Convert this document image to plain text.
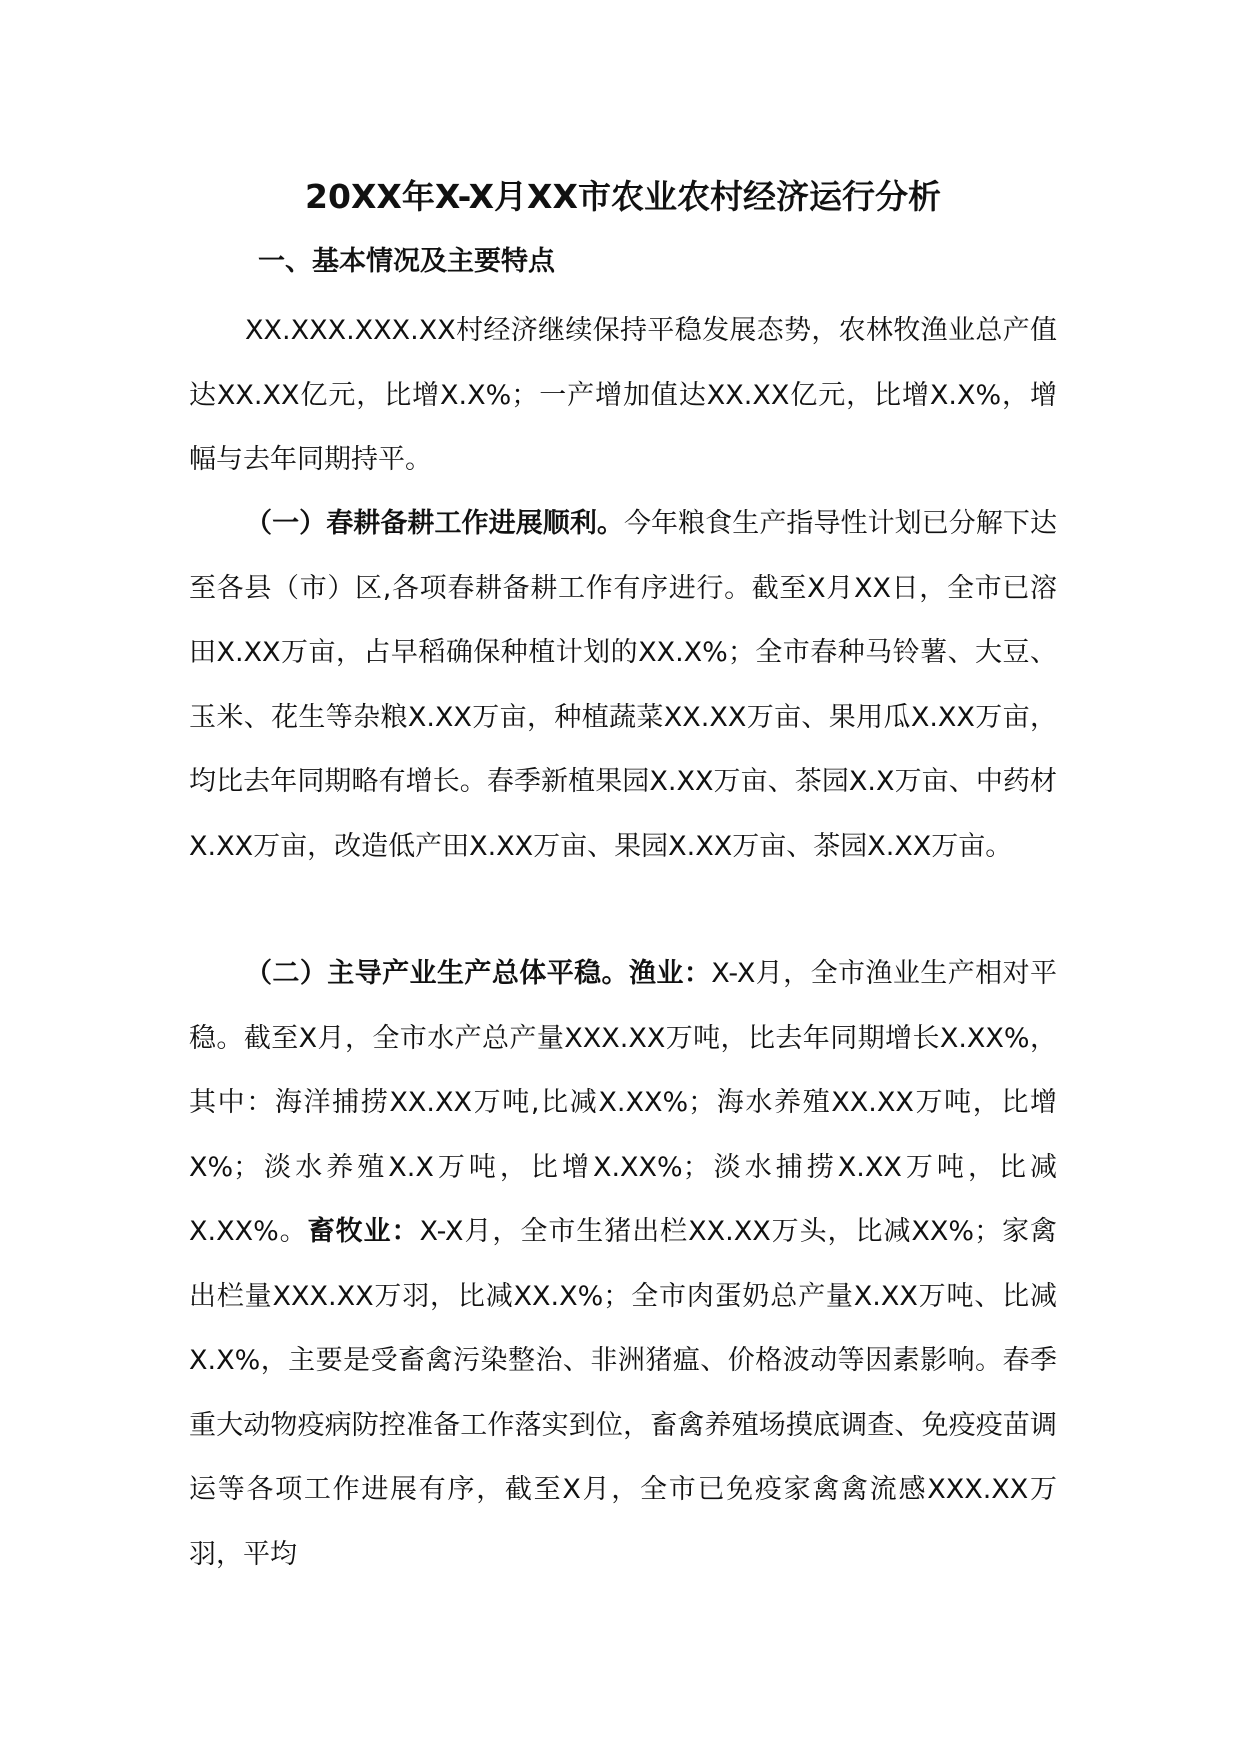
20XX年X-X月XX市农业农村经济运行分析
一、基本情况及主要特点

XX.XXX.XXX.XX村经济继续保持平稳发展态势，农林牧渔业总产值达XX.XX亿元，比增X.X%；一产增加值达XX.XX亿元，比增X.X%，增幅与去年同期持平。

（一）春耕备耕工作进展顺利。今年粮食生产指导性计划已分解下达至各县（市）区,各项春耕备耕工作有序进行。截至X月XX日，全市已溶田X.XX万亩，占早稻确保种植计划的XX.X%；全市春种马铃薯、大豆、玉米、花生等杂粮X.XX万亩，种植蔬菜XX.XX万亩、果用瓜X.XX万亩，均比去年同期略有增长。春季新植果园X.XX万亩、茶园X.X万亩、中药材X.XX万亩，改造低产田X.XX万亩、果园X.XX万亩、茶园X.XX万亩。

（二）主导产业生产总体平稳。渔业：X-X月，全市渔业生产相对平稳。截至X月，全市水产总产量XXX.XX万吨，比去年同期增长X.XX%，其中：海洋捕捞XX.XX万吨,比减X.XX%；海水养殖XX.XX万吨，比增X%；淡水养殖X.X万吨，比增X.XX%；淡水捕捞X.XX万吨，比减X.XX%。畜牧业：X-X月，全市生猪出栏XX.XX万头，比减XX%；家禽出栏量XXX.XX万羽，比减XX.X%；全市肉蛋奶总产量X.XX万吨、比减X.X%，主要是受畜禽污染整治、非洲猪瘟、价格波动等因素影响。春季重大动物疫病防控准备工作落实到位，畜禽养殖场摸底调查、免疫疫苗调运等各项工作进展有序，截至X月，全市已免疫家禽禽流感XXX.XX万羽，平均
